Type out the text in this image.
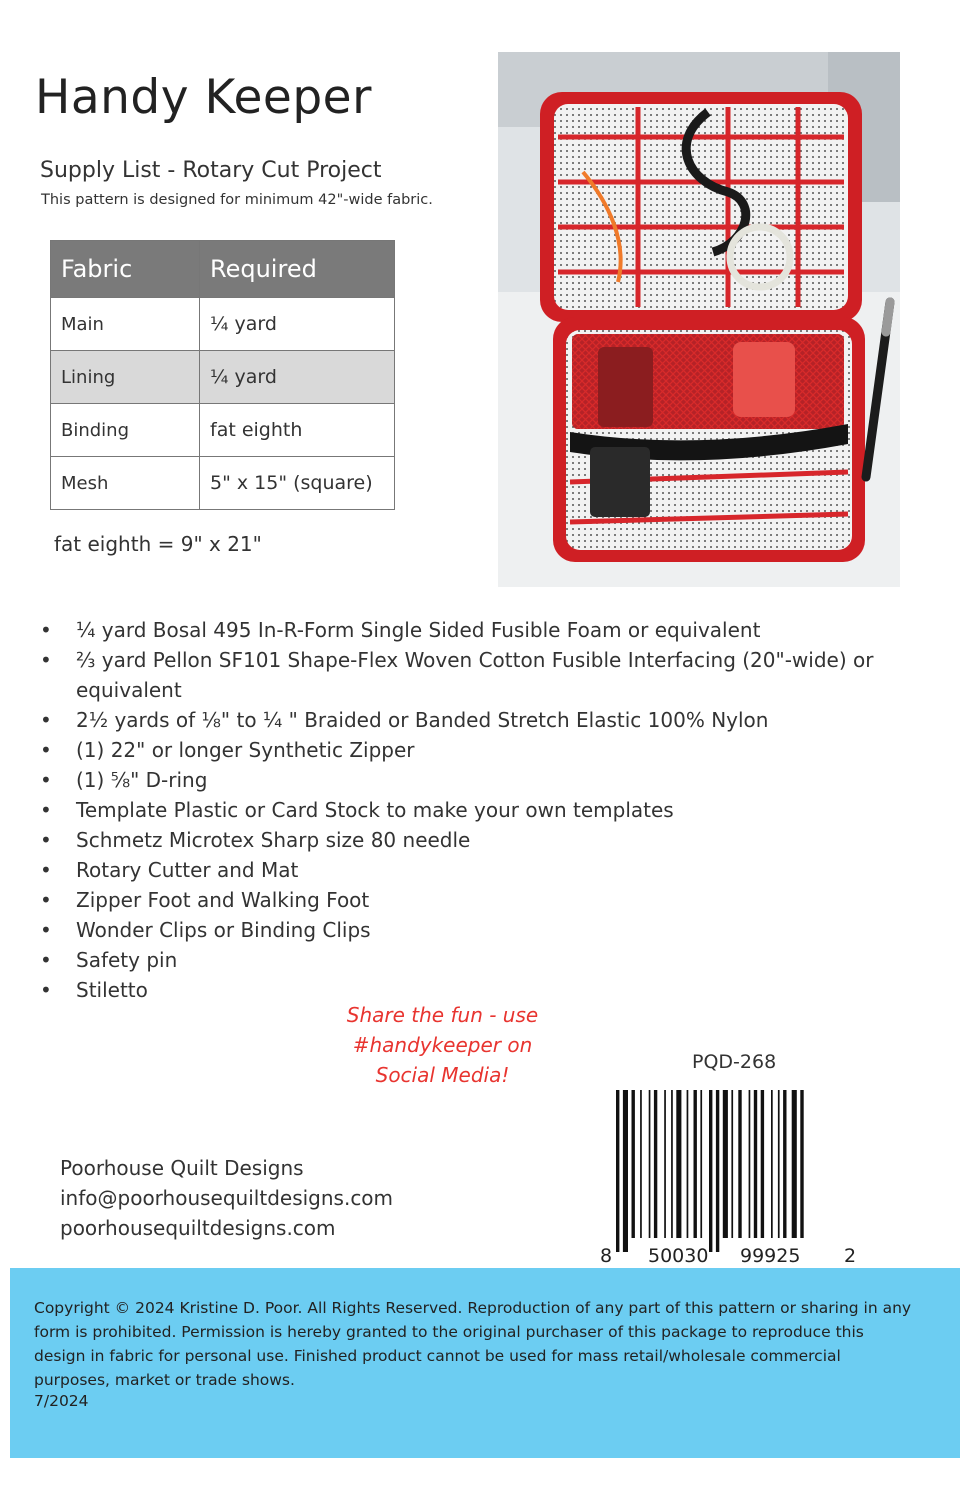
Handy Keeper

Supply List - Rotary Cut Project

This pattern is designed for minimum 42"-wide fabric.

Fabric	Required
Main	¼ yard
Lining	¼ yard
Binding	fat eighth
Mesh	5" x 15" (square)

fat eighth = 9" x 21"

• ¼ yard Bosal 495 In-R-Form Single Sided Fusible Foam or equivalent
• ⅔ yard Pellon SF101 Shape-Flex Woven Cotton Fusible Interfacing (20"-wide) or equivalent
• 2½ yards of ⅛" to ¼ " Braided or Banded Stretch Elastic 100% Nylon
• (1) 22" or longer Synthetic Zipper
• (1) ⅝" D-ring
• Template Plastic or Card Stock to make your own templates
• Schmetz Microtex Sharp size 80 needle
• Rotary Cutter and Mat
• Zipper Foot and Walking Foot
• Wonder Clips or Binding Clips
• Safety pin
• Stiletto
Share the fun - use
#handykeeper on
Social Media!
Poorhouse Quilt Designs
info@poorhousequiltdesigns.com
poorhousequiltdesigns.com
PQD-268
8 50030 99925 2

Copyright © 2024 Kristine D. Poor. All Rights Reserved. Reproduction of any part of this pattern or sharing in any form is prohibited. Permission is hereby granted to the original purchaser of this package to reproduce this design in fabric for personal use. Finished product cannot be used for mass retail/wholesale commercial purposes, market or trade shows.

7/2024
